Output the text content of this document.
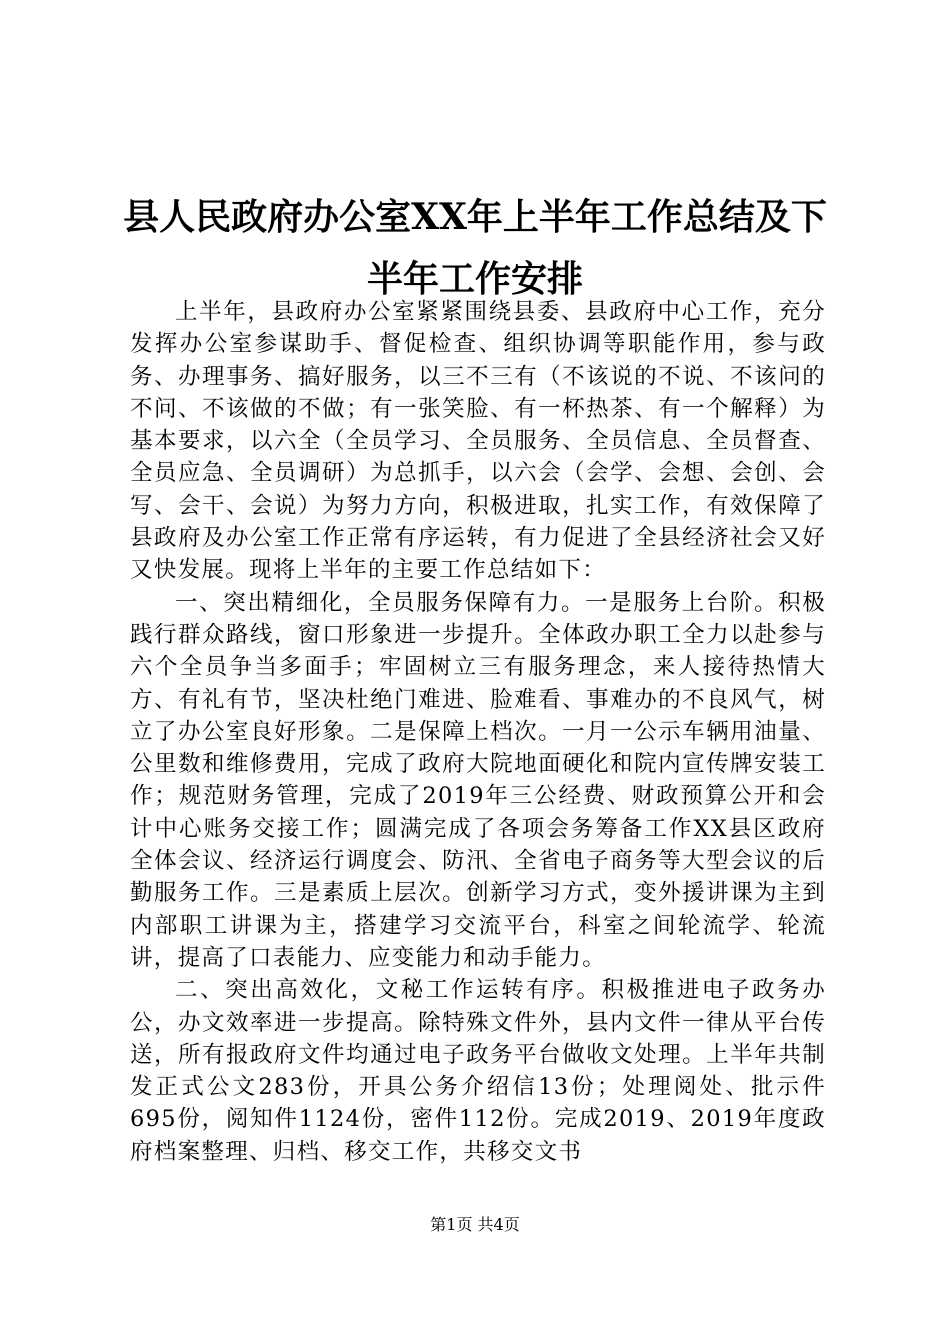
县人民政府办公室XX年上半年工作总结及下半年工作安排

上半年，县政府办公室紧紧围绕县委、县政府中心工作，充分发挥办公室参谋助手、督促检查、组织协调等职能作用，参与政务、办理事务、搞好服务，以三不三有（不该说的不说、不该问的不问、不该做的不做；有一张笑脸、有一杯热茶、有一个解释）为基本要求，以六全（全员学习、全员服务、全员信息、全员督查、全员应急、全员调研）为总抓手，以六会（会学、会想、会创、会写、会干、会说）为努力方向，积极进取，扎实工作，有效保障了县政府及办公室工作正常有序运转，有力促进了全县经济社会又好又快发展。现将上半年的主要工作总结如下：

一、突出精细化，全员服务保障有力。一是服务上台阶。积极践行群众路线，窗口形象进一步提升。全体政办职工全力以赴参与六个全员争当多面手；牢固树立三有服务理念，来人接待热情大方、有礼有节，坚决杜绝门难进、脸难看、事难办的不良风气，树立了办公室良好形象。二是保障上档次。一月一公示车辆用油量、公里数和维修费用，完成了政府大院地面硬化和院内宣传牌安装工作；规范财务管理，完成了2019年三公经费、财政预算公开和会计中心账务交接工作；圆满完成了各项会务筹备工作XX县区政府全体会议、经济运行调度会、防汛、全省电子商务等大型会议的后勤服务工作。三是素质上层次。创新学习方式，变外援讲课为主到内部职工讲课为主，搭建学习交流平台，科室之间轮流学、轮流讲，提高了口表能力、应变能力和动手能力。

二、突出高效化，文秘工作运转有序。积极推进电子政务办公，办文效率进一步提高。除特殊文件外，县内文件一律从平台传送，所有报政府文件均通过电子政务平台做收文处理。上半年共制发正式公文283份，开具公务介绍信13份；处理阅处、批示件695份，阅知件1124份，密件112份。完成2019、2019年度政府档案整理、归档、移交工作，共移交文书

第1页 共4页
